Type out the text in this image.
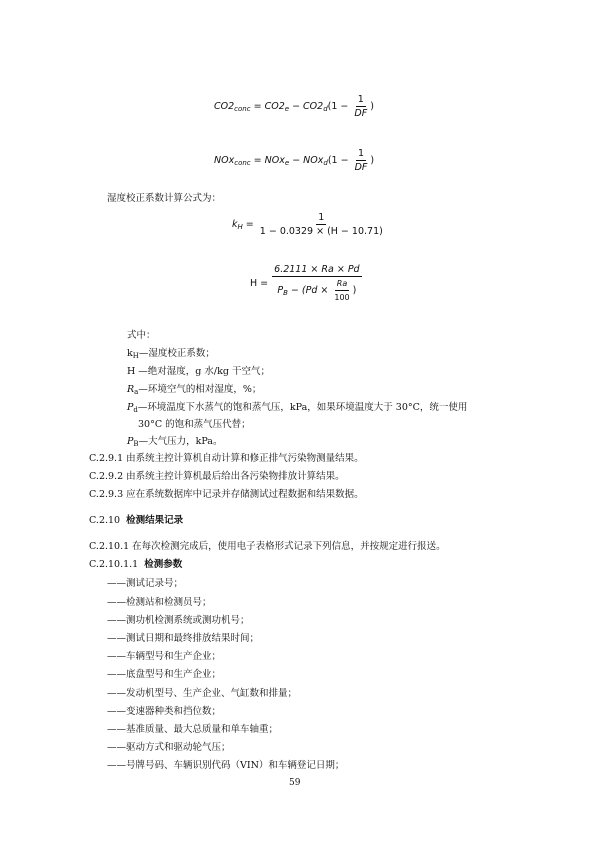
$CO2_{conc} = CO2_e - CO2_d(1 - \frac{1}{DF}$ )
$NOx_{conc} = NOx_e - NOx_d(1 - \frac{1}{DF}$ )
湿度校正系数计算公式为：
$k_H = \frac{1}{1 - 0.0329 \times (H - 10.71)}$
$H = \frac{6.2111 \times Ra \times Pd}{P_B - (Pd \times \frac{Ra}{100} )}$
式中：
$k_H—$湿度校正系数；
H —绝对湿度，g 水/kg 干空气；
$R_a—$环境空气的相对湿度，%；
$P_d—$环境温度下水蒸气的饱和蒸气压，kPa，如果环境温度大于 30°C，统一使用
30°C 的饱和蒸气压代替；
$P_B—$大气压力，kPa。
C.2.9.1 由系统主控计算机自动计算和修正排气污染物测量结果。
C.2.9.2 由系统主控计算机最后给出各污染物排放计算结果。
C.2.9.3 应在系统数据库中记录并存储测试过程数据和结果数据。
C.2.10 检测结果记录
C.2.10.1 在每次检测完成后，使用电子表格形式记录下列信息，并按规定进行报送。
C.2.10.1.1 检测参数
——测试记录号；
——检测站和检测员号；
——测功机检测系统或测功机号；
——测试日期和最终排放结果时间；
——车辆型号和生产企业；
——底盘型号和生产企业；
——发动机型号、生产企业、气缸数和排量；
——变速器种类和挡位数；
——基准质量、最大总质量和单车轴重；
——驱动方式和驱动轮气压；
——号牌号码、车辆识别代码（VIN）和车辆登记日期；
59
